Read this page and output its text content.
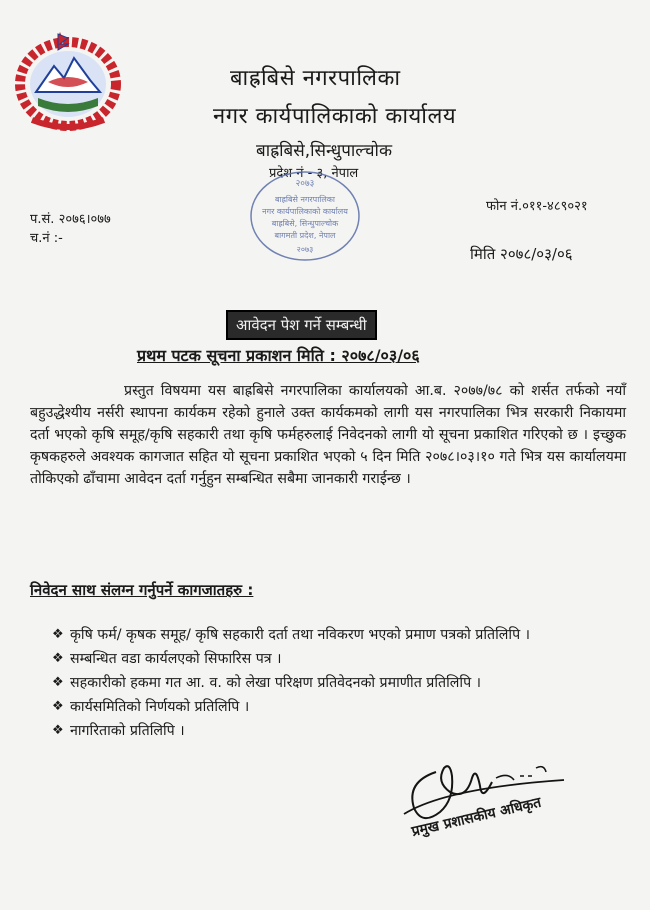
बाह्रबिसे नगरपालिका
नगर कार्यपालिकाको कार्यालय
बाह्रबिसे,सिन्धुपाल्चोक
प्रदेश नं - ३, नेपाल
२०७३
बाह्रबिसे नगरपालिका
नगर कार्यपालिकाको कार्यालय
बाह्रबिसे, सिन्धुपाल्चोक
बागमती प्रदेश, नेपाल
२०७३
फोन नं.०११-४८९०२१
प.सं. २०७६।०७७
च.नं :-
मिति २०७८/०३/०६
आवेदन पेश गर्ने सम्बन्धी
प्रथम पटक सूचना प्रकाशन मिति : २०७८/०३/०६
प्रस्तुत विषयमा यस बाह्रबिसे नगरपालिका कार्यालयको आ.ब. २०७७/७८ को शर्सत तर्फको नयाँ बहुउद्धेश्यीय नर्सरी स्थापना कार्यकम रहेको हुनाले उक्त कार्यकमको लागी यस नगरपालिका भित्र सरकारी निकायमा दर्ता भएको कृषि समूह/कृषि सहकारी तथा कृषि फर्महरुलाई निवेदनको लागी यो सूचना प्रकाशित गरिएको छ । इच्छुक कृषकहरुले अवश्यक कागजात सहित यो सूचना प्रकाशित भएको ५ दिन मिति २०७८।०३।१० गते भित्र यस कार्यालयमा तोकिएको ढाँचामा आवेदन दर्ता गर्नुहुन सम्बन्धित सबैमा जानकारी गराईन्छ ।
निवेदन साथ संलग्न गर्नुपर्ने कागजातहरु :
❖ कृषि फर्म/ कृषक समूह/ कृषि सहकारी दर्ता तथा नविकरण भएको प्रमाण पत्रको प्रतिलिपि ।
❖ सम्बन्धित वडा कार्यलएको सिफारिस पत्र ।
❖ सहकारीको हकमा गत आ. व. को लेखा परिक्षण प्रतिवेदनको प्रमाणीत प्रतिलिपि ।
❖ कार्यसमितिको निर्णयको प्रतिलिपि ।
❖ नागरिताको प्रतिलिपि ।
प्रमुख प्रशासकीय अधिकृत
